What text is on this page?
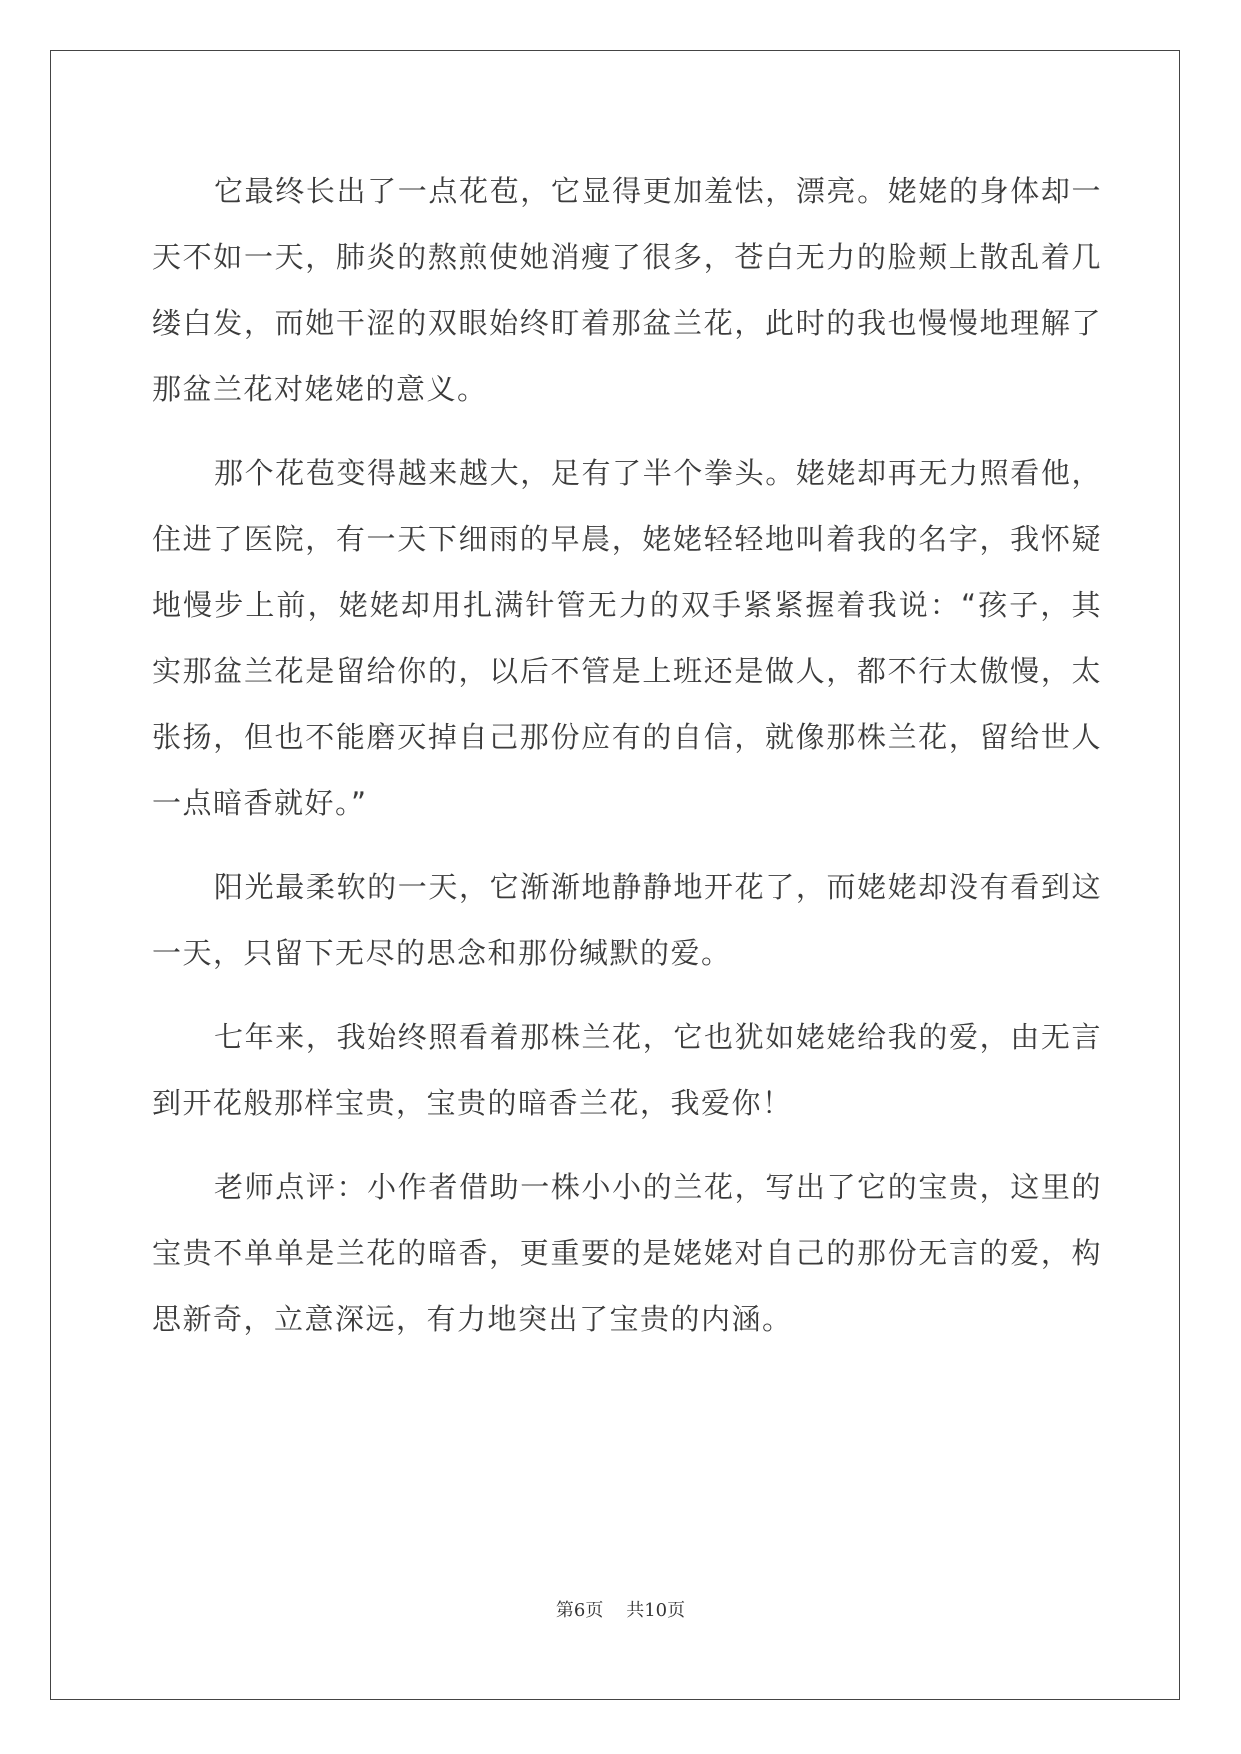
它最终长出了一点花苞，它显得更加羞怯，漂亮。姥姥的身体却一天不如一天，肺炎的熬煎使她消瘦了很多，苍白无力的脸颊上散乱着几缕白发，而她干涩的双眼始终盯着那盆兰花，此时的我也慢慢地理解了那盆兰花对姥姥的意义。

那个花苞变得越来越大，足有了半个拳头。姥姥却再无力照看他，住进了医院，有一天下细雨的早晨，姥姥轻轻地叫着我的名字，我怀疑地慢步上前，姥姥却用扎满针管无力的双手紧紧握着我说：“孩子，其实那盆兰花是留给你的，以后不管是上班还是做人，都不行太傲慢，太张扬，但也不能磨灭掉自己那份应有的自信，就像那株兰花，留给世人一点暗香就好。”

阳光最柔软的一天，它渐渐地静静地开花了，而姥姥却没有看到这一天，只留下无尽的思念和那份缄默的爱。

七年来，我始终照看着那株兰花，它也犹如姥姥给我的爱，由无言到开花般那样宝贵，宝贵的暗香兰花，我爱你！

老师点评：小作者借助一株小小的兰花，写出了它的宝贵，这里的宝贵不单单是兰花的暗香，更重要的是姥姥对自己的那份无言的爱，构思新奇，立意深远，有力地突出了宝贵的内涵。

第6页    共10页
